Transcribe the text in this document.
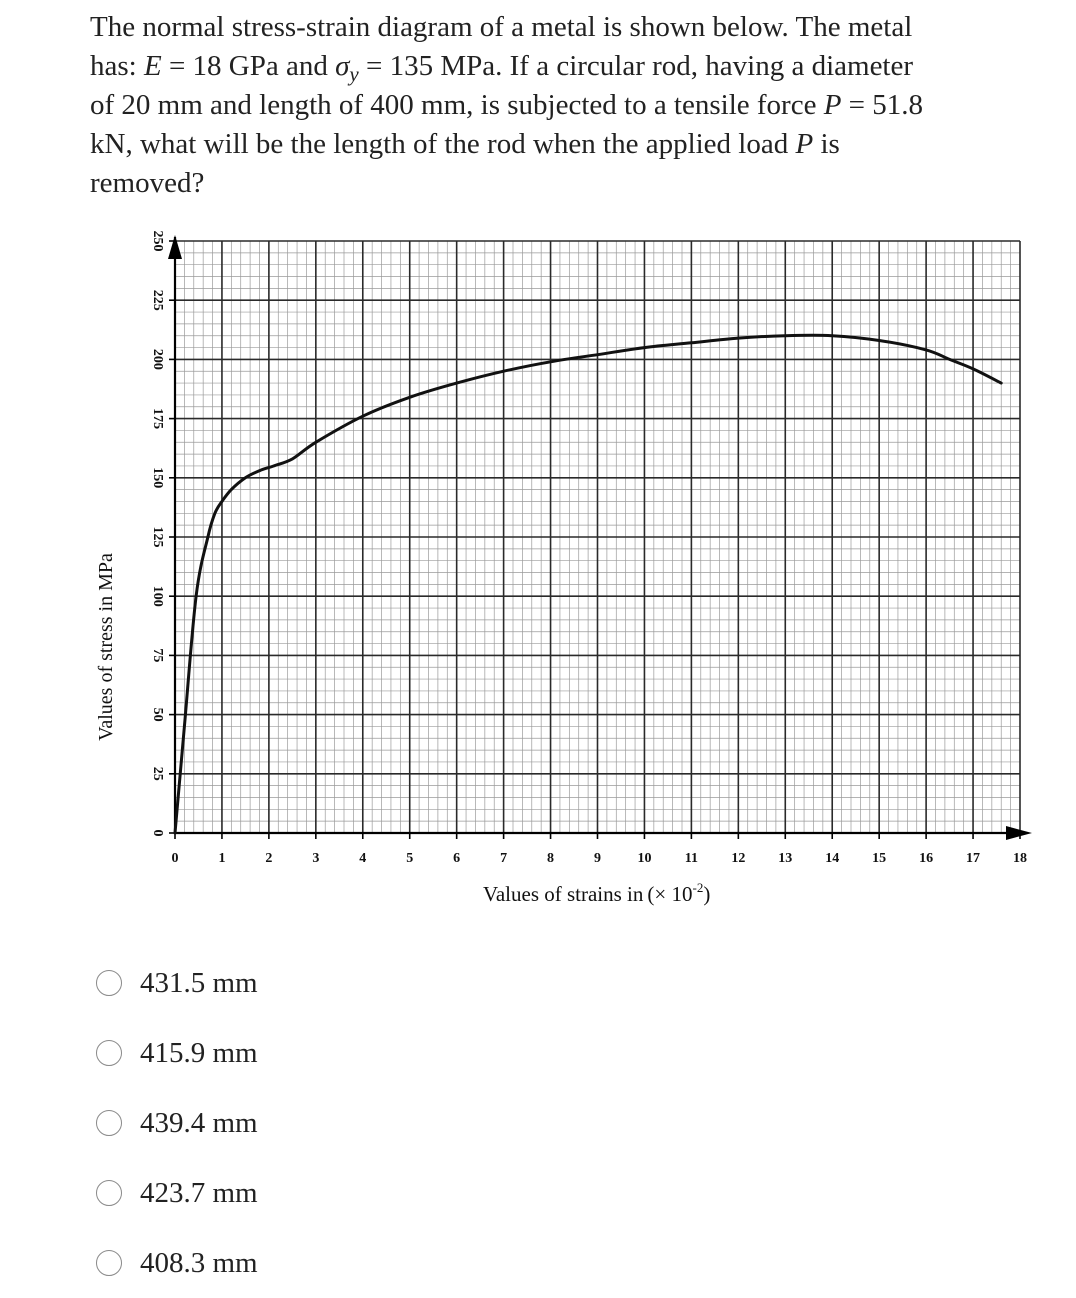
The normal stress-strain diagram of a metal is shown below. The metal
has: E = 18 GPa and $\sigma_y = 135$ MPa. If a circular rod, having a diameter
of 20 mm and length of 400 mm, is subjected to a tensile force P = 51.8
kN, what will be the length of the rod when the applied load P is
removed?
0
25
50
75
100
125
150
175
200
225
250
0	1	2	3	4	5	6	7	8	9	10 11 12 13 14 15 16 17 18
Values of stress in MPa
Values of strains in (× $10^{-2}$)
431.5 mm
415.9 mm
439.4 mm
423.7 mm
408.3 mm
